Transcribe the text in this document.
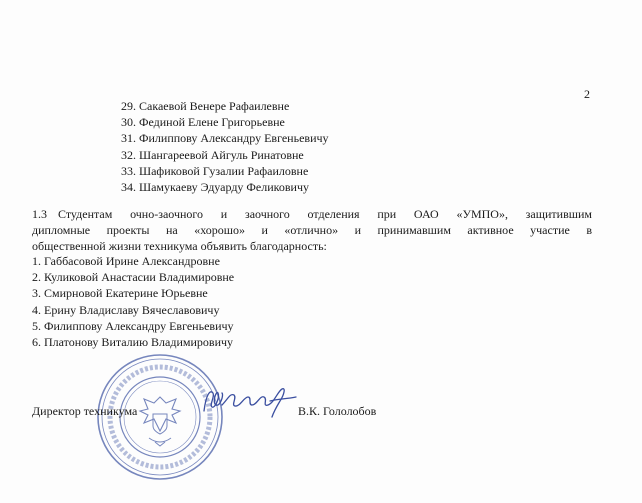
2
29. Сакаевой Венере Рафаилевне
30. Фединой Елене Григорьевне
31. Филиппову Александру Евгеньевичу
32. Шангареевой Айгуль Ринатовне
33. Шафиковой Гузалии Рафаиловне
34. Шамукаеву Эдуарду Феликовичу
1.3 Студентам очно-заочного и заочного отделения при ОАО «УМПО», защитившим
дипломные проекты на «хорошо» и «отлично» и принимавшим активное участие в
общественной жизни техникума объявить благодарность:
1. Габбасовой Ирине Александровне
2. Куликовой Анастасии Владимировне
3. Смирновой Екатерине Юрьевне
4. Ерину Владиславу Вячеславовичу
5. Филиппову Александру Евгеньевичу
6. Платонову Виталию Владимировичу
Директор техникума	В.К. Гололобов
